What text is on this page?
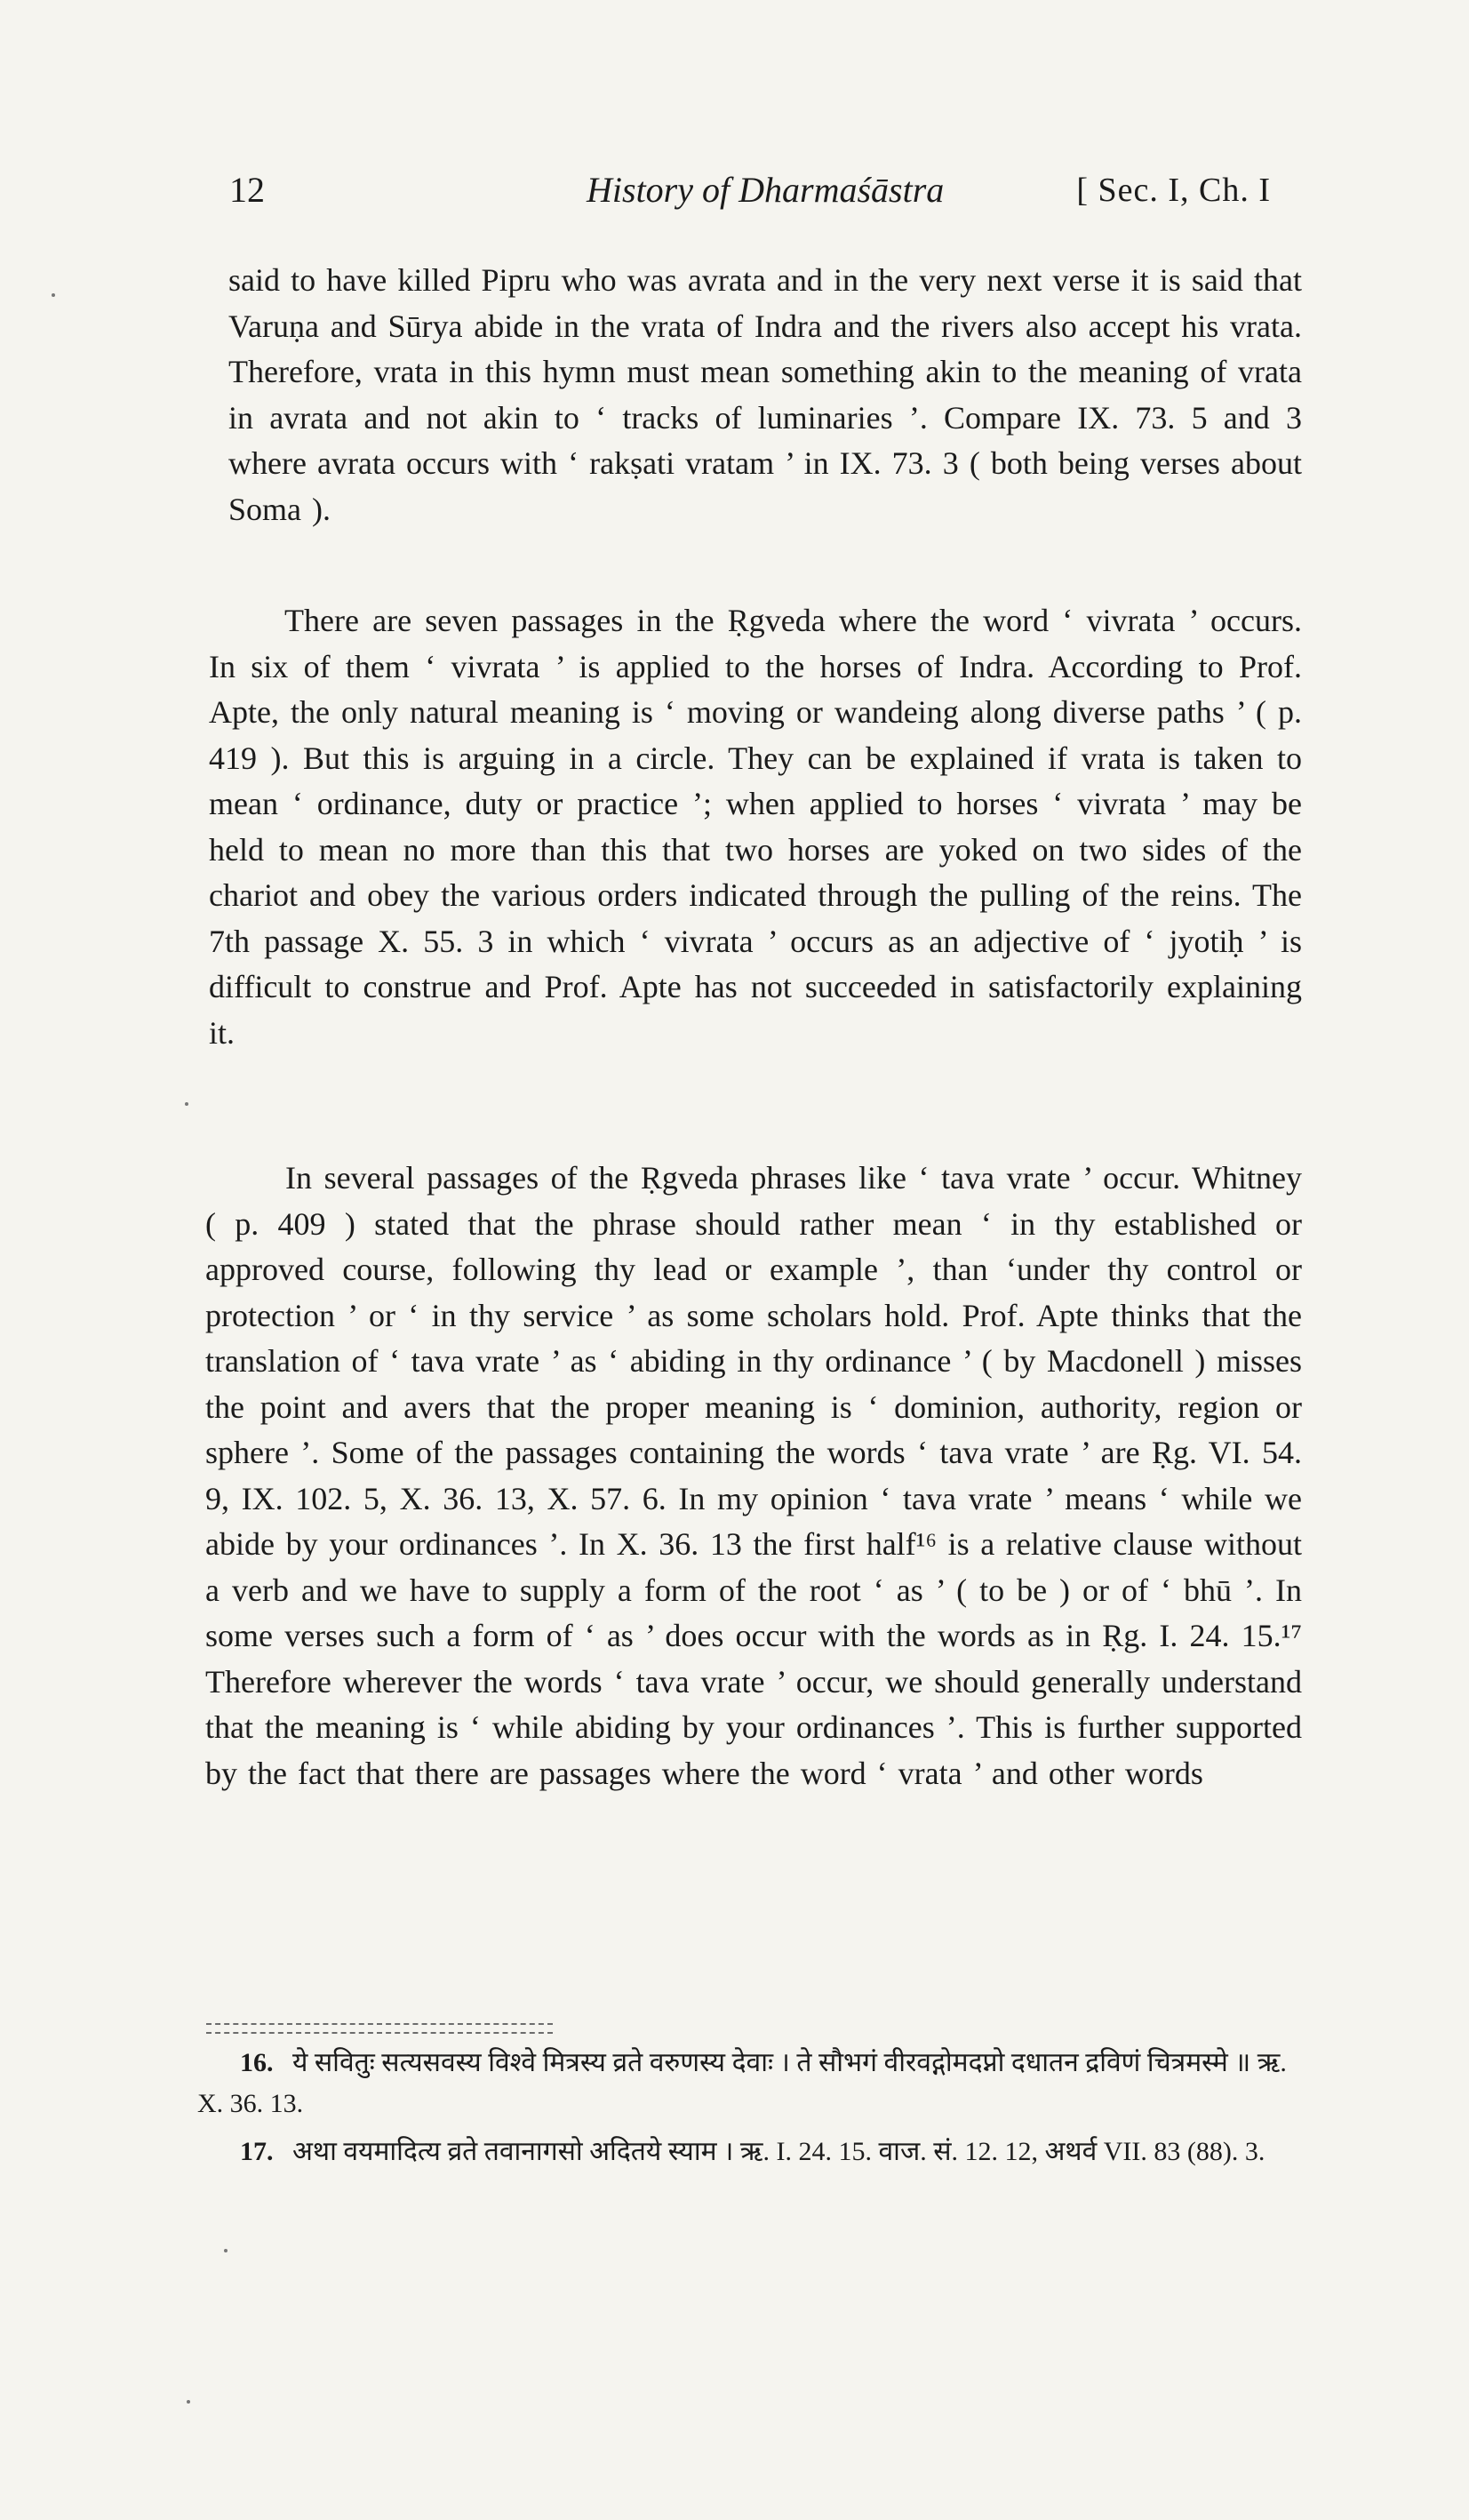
12	History of Dharmaśāstra	[ Sec. I, Ch. I

said to have killed Pipru who was avrata and in the very next verse it is said that Varuṇa and Sūrya abide in the vrata of Indra and the rivers also accept his vrata. Therefore, vrata in this hymn must mean something akin to the meaning of vrata in avrata and not akin to ‘ tracks of luminaries ’. Compare IX. 73. 5 and 3 where avrata occurs with ‘ rakṣati vratam ’ in IX. 73. 3 ( both being verses about Soma ).

There are seven passages in the Ṛgveda where the word ‘ vivrata ’ occurs. In six of them ‘ vivrata ’ is applied to the horses of Indra. According to Prof. Apte, the only natural meaning is ‘ moving or wandeing along diverse paths ’ ( p. 419 ). But this is arguing in a circle. They can be explained if vrata is taken to mean ‘ ordinance, duty or practice ’; when applied to horses ‘ vivrata ’ may be held to mean no more than this that two horses are yoked on two sides of the chariot and obey the various orders indicated through the pulling of the reins. The 7th passage X. 55. 3 in which ‘ vivrata ’ occurs as an adjective of ‘ jyotiḥ ’ is difficult to construe and Prof. Apte has not succeeded in satisfactorily explaining it.

In several passages of the Ṛgveda phrases like ‘ tava vrate ’ occur. Whitney ( p. 409 ) stated that the phrase should rather mean ‘ in thy established or approved course, following thy lead or example ’, than ‘under thy control or protection ’ or ‘ in thy service ’ as some scholars hold. Prof. Apte thinks that the translation of ‘ tava vrate ’ as ‘ abiding in thy ordinance ’ ( by Macdonell ) misses the point and avers that the proper meaning is ‘ dominion, authority, region or sphere ’. Some of the passages containing the words ‘ tava vrate ’ are Ṛg. VI. 54. 9, IX. 102. 5, X. 36. 13, X. 57. 6. In my opinion ‘ tava vrate ’ means ‘ while we abide by your ordinances ’. In X. 36. 13 the first half¹⁶ is a relative clause without a verb and we have to supply a form of the root ‘ as ’ ( to be ) or of ‘ bhū ’. In some verses such a form of ‘ as ’ does occur with the words as in Ṛg. I. 24. 15.¹⁷ Therefore wherever the words ‘ tava vrate ’ occur, we should generally understand that the meaning is ‘ while abiding by your ordinances ’. This is further supported by the fact that there are passages where the word ‘ vrata ’ and other words

16. ये सवितुः सत्यसवस्य विश्वे मित्रस्य व्रते वरुणस्य देवाः । ते सौभगं वीरवद्गोमदप्नो दधातन द्रविणं चित्रमस्मे ॥ ऋ. X. 36. 13.

17. अथा वयमादित्य व्रते तवानागसो अदितये स्याम । ऋ. I. 24. 15. वाज. सं. 12. 12, अथर्व VII. 83 (88). 3.
